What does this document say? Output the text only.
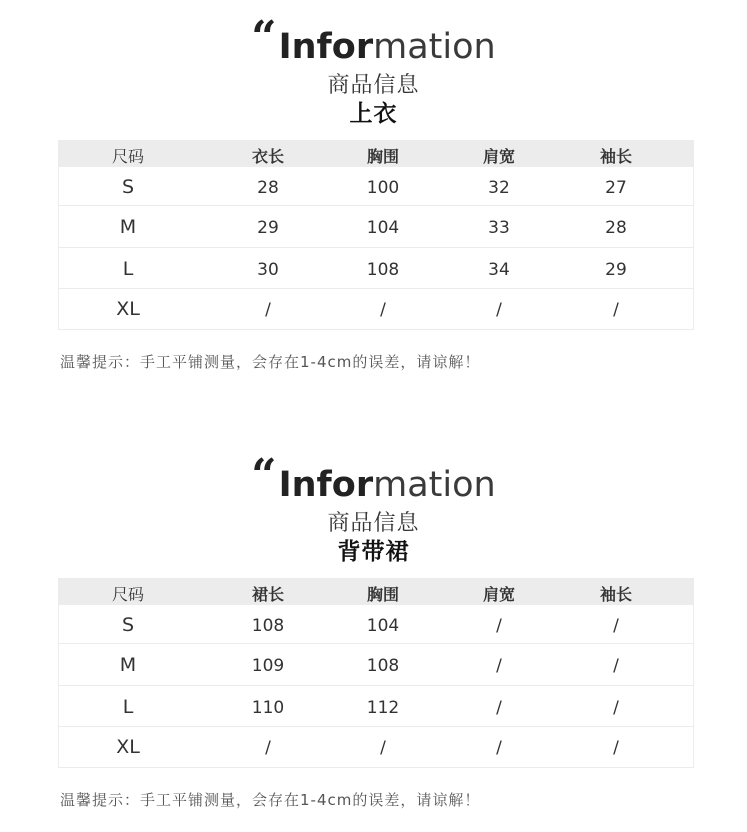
“ Information
商品信息
上衣
尺码	衣长	胸围	肩宽	袖长
S	28	100	32	27
M	29	104	33	28
L	30	108	34	29
XL	/	/	/	/
温馨提示：手工平铺测量，会存在1-4cm的误差，请谅解！
“ Information
商品信息
背带裙
尺码	裙长	胸围	肩宽	袖长
S	108	104	/	/
M	109	108	/	/
L	110	112	/	/
XL	/	/	/	/
温馨提示：手工平铺测量，会存在1-4cm的误差，请谅解！
